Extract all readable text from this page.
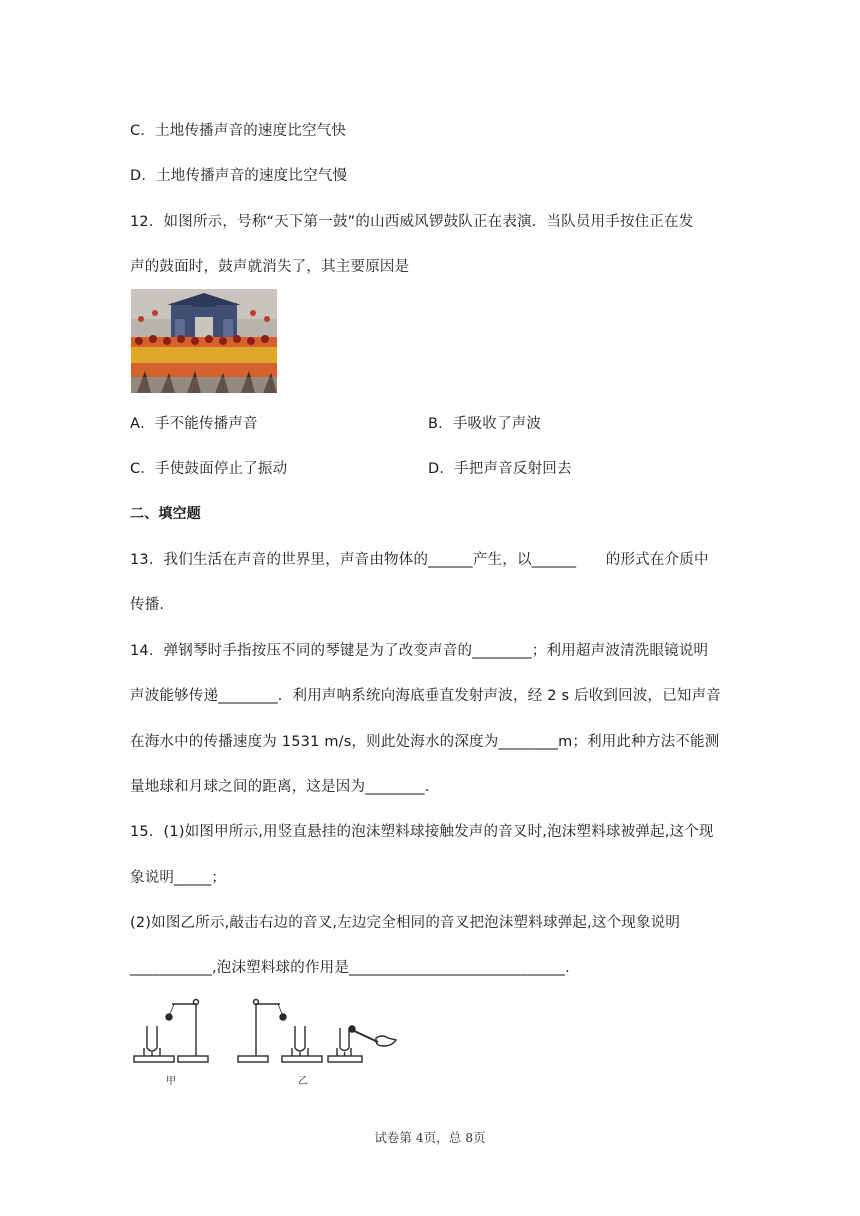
C．土地传播声音的速度比空气快
D．土地传播声音的速度比空气慢
12．如图所示，号称“天下第一鼓”的山西威风锣鼓队正在表演．当队员用手按住正在发
声的鼓面时，鼓声就消失了，其主要原因是
A．手不能传播声音	B．手吸收了声波
C．手使鼓面停止了振动	D．手把声音反射回去
二、填空题
13．我们生活在声音的世界里，声音由物体的______产生，以______　　的形式在介质中
传播．
14．弹钢琴时手指按压不同的琴键是为了改变声音的________；利用超声波清洗眼镜说明
声波能够传递________．利用声呐系统向海底垂直发射声波，经 2 s 后收到回波，已知声音
在海水中的传播速度为 1531 m/s，则此处海水的深度为________m；利用此种方法不能测
量地球和月球之间的距离，这是因为________．
15．(1)如图甲所示,用竖直悬挂的泡沫塑料球接触发声的音叉时,泡沫塑料球被弹起,这个现
象说明_____；
(2)如图乙所示,敲击右边的音叉,左边完全相同的音叉把泡沫塑料球弹起,这个现象说明
___________,泡沫塑料球的作用是_____________________________．
甲	乙
试卷第 4页，总 8页
